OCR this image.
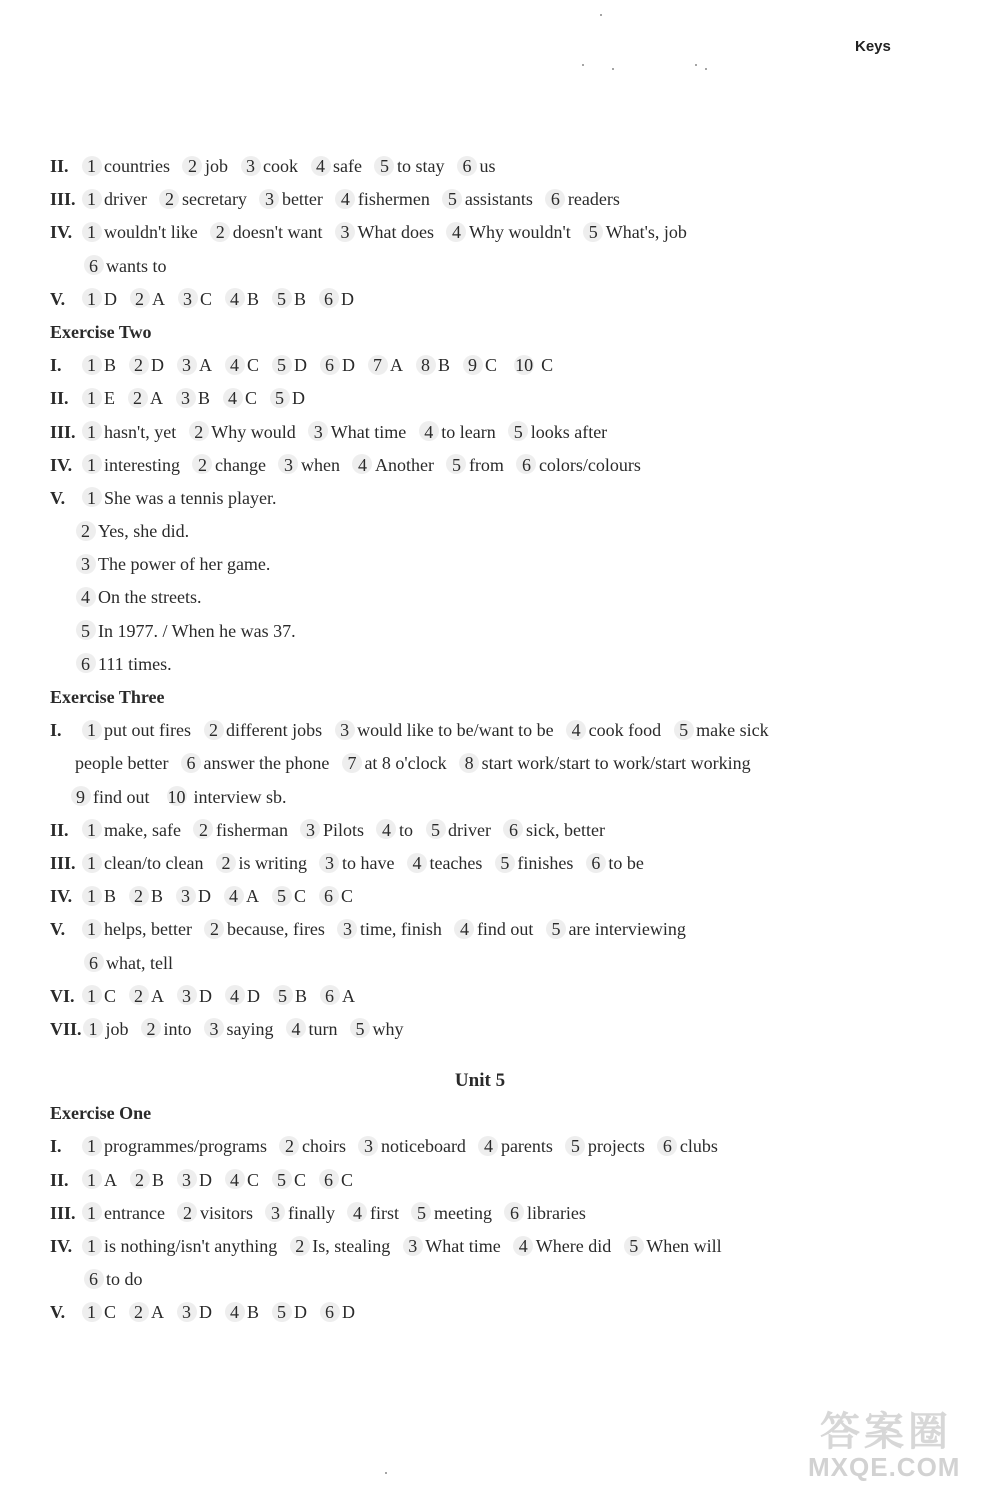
Keys
II. 1 countries 2 job 3 cook 4 safe 5 to stay 6 us
III. 1 driver 2 secretary 3 better 4 fishermen 5 assistants 6 readers
IV. 1 wouldn't like 2 doesn't want 3 What does 4 Why wouldn't 5 What's, job
6 wants to
V. 1 D 2 A 3 C 4 B 5 B 6 D
Exercise Two
I. 1 B 2 D 3 A 4 C 5 D 6 D 7 A 8 B 9 C 10 C
II. 1 E 2 A 3 B 4 C 5 D
III. 1 hasn't, yet 2 Why would 3 What time 4 to learn 5 looks after
IV. 1 interesting 2 change 3 when 4 Another 5 from 6 colors/colours
V. 1 She was a tennis player.
2 Yes, she did.
3 The power of her game.
4 On the streets.
5 In 1977. / When he was 37.
6 111 times.
Exercise Three
I. 1 put out fires 2 different jobs 3 would like to be/want to be 4 cook food 5 make sick
people better 6 answer the phone 7 at 8 o'clock 8 start work/start to work/start working
9 find out 10 interview sb.
II. 1 make, safe 2 fisherman 3 Pilots 4 to 5 driver 6 sick, better
III. 1 clean/to clean 2 is writing 3 to have 4 teaches 5 finishes 6 to be
IV. 1 B 2 B 3 D 4 A 5 C 6 C
V. 1 helps, better 2 because, fires 3 time, finish 4 find out 5 are interviewing
6 what, tell
VI. 1 C 2 A 3 D 4 D 5 B 6 A
VII. 1 job 2 into 3 saying 4 turn 5 why
Unit 5
Exercise One
I. 1 programmes/programs 2 choirs 3 noticeboard 4 parents 5 projects 6 clubs
II. 1 A 2 B 3 D 4 C 5 C 6 C
III. 1 entrance 2 visitors 3 finally 4 first 5 meeting 6 libraries
IV. 1 is nothing/isn't anything 2 Is, stealing 3 What time 4 Where did 5 When will
6 to do
V. 1 C 2 A 3 D 4 B 5 D 6 D
答案圈
MXQE.COM
